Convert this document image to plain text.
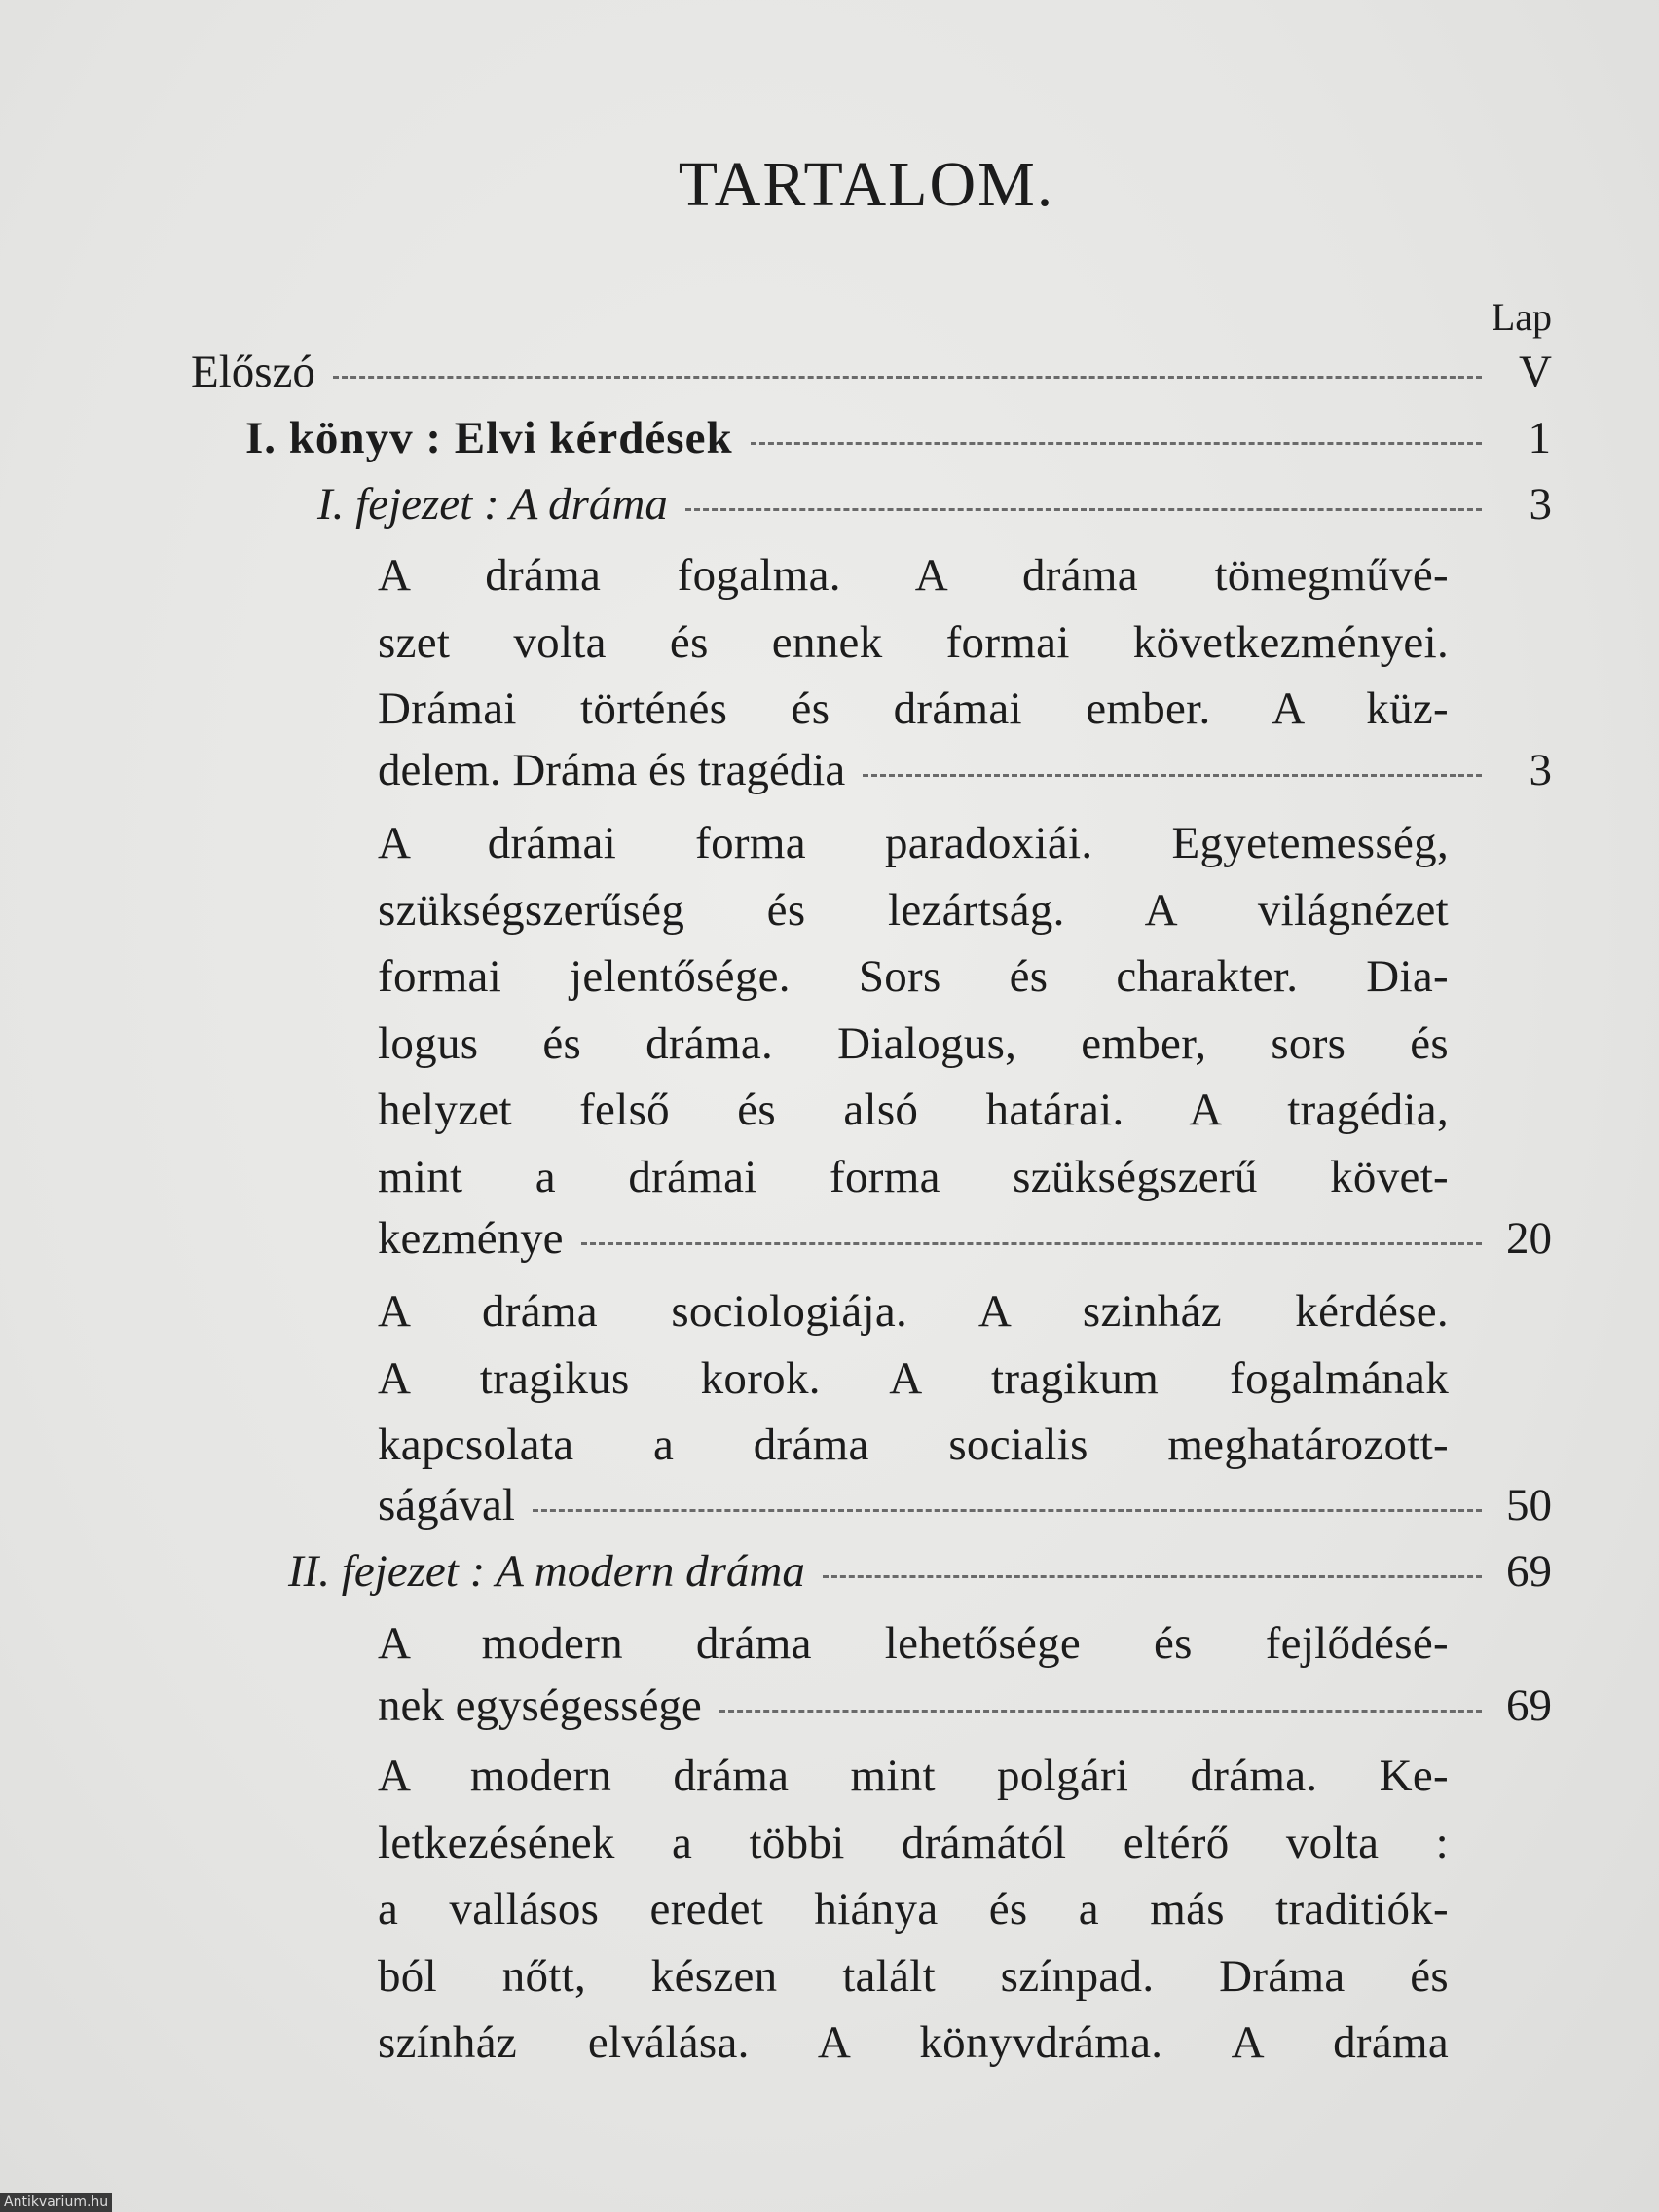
TARTALOM.
Lap
Előszó	V
I. könyv : Elvi kérdések	1
I. fejezet : A dráma	3
A dráma fogalma. A dráma tömegművé-
szet volta és ennek formai következményei.
Drámai történés és drámai ember. A küz-
delem. Dráma és tragédia	3
A drámai forma paradoxiái. Egyetemesség,
szükségszerűség és lezártság. A világnézet
formai jelentősége. Sors és charakter. Dia-
logus és dráma. Dialogus, ember, sors és
helyzet felső és alsó határai. A tragédia,
mint a drámai forma szükségszerű követ-
kezménye	20
A dráma sociologiája. A szinház kérdése.
A tragikus korok. A tragikum fogalmának
kapcsolata a dráma socialis meghatározott-
ságával	50
II. fejezet : A modern dráma	69
A modern dráma lehetősége és fejlődésé-
nek egységessége	69
A modern dráma mint polgári dráma. Ke-
letkezésének a többi drámától eltérő volta :
a vallásos eredet hiánya és a más traditiók-
ból nőtt, készen talált színpad. Dráma és
színház elválása. A könyvdráma. A dráma
Antikvarium.hu
